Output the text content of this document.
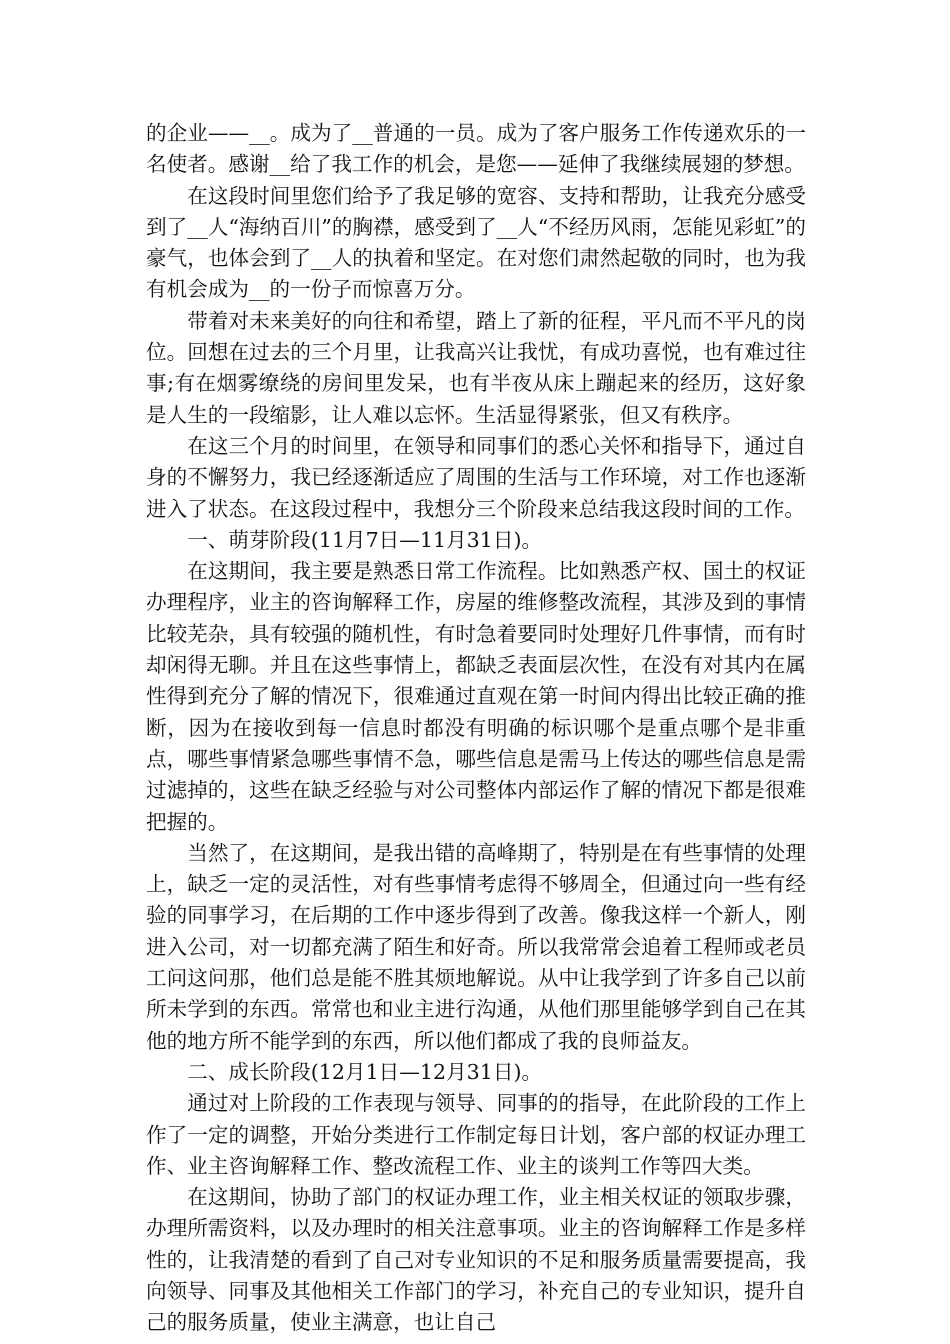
的企业——__。成为了__普通的一员。成为了客户服务工作传递欢乐的一名使者。感谢__给了我工作的机会，是您——延伸了我继续展翅的梦想。

在这段时间里您们给予了我足够的宽容、支持和帮助，让我充分感受到了__人“海纳百川”的胸襟，感受到了__人“不经历风雨，怎能见彩虹”的豪气，也体会到了__人的执着和坚定。在对您们肃然起敬的同时，也为我有机会成为__的一份子而惊喜万分。

带着对未来美好的向往和希望，踏上了新的征程，平凡而不平凡的岗位。回想在过去的三个月里，让我高兴让我忧，有成功喜悦，也有难过往事;有在烟雾缭绕的房间里发呆，也有半夜从床上蹦起来的经历，这好象是人生的一段缩影，让人难以忘怀。生活显得紧张，但又有秩序。

在这三个月的时间里，在领导和同事们的悉心关怀和指导下，通过自身的不懈努力，我已经逐渐适应了周围的生活与工作环境，对工作也逐渐进入了状态。在这段过程中，我想分三个阶段来总结我这段时间的工作。

一、萌芽阶段(11月7日—11月31日)。

在这期间，我主要是熟悉日常工作流程。比如熟悉产权、国土的权证办理程序，业主的咨询解释工作，房屋的维修整改流程，其涉及到的事情比较芜杂，具有较强的随机性，有时急着要同时处理好几件事情，而有时却闲得无聊。并且在这些事情上，都缺乏表面层次性，在没有对其内在属性得到充分了解的情况下，很难通过直观在第一时间内得出比较正确的推断，因为在接收到每一信息时都没有明确的标识哪个是重点哪个是非重点，哪些事情紧急哪些事情不急，哪些信息是需马上传达的哪些信息是需过滤掉的，这些在缺乏经验与对公司整体内部运作了解的情况下都是很难把握的。

当然了，在这期间，是我出错的高峰期了，特别是在有些事情的处理上，缺乏一定的灵活性，对有些事情考虑得不够周全，但通过向一些有经验的同事学习，在后期的工作中逐步得到了改善。像我这样一个新人，刚进入公司，对一切都充满了陌生和好奇。所以我常常会追着工程师或老员工问这问那，他们总是能不胜其烦地解说。从中让我学到了许多自己以前所未学到的东西。常常也和业主进行沟通，从他们那里能够学到自己在其他的地方所不能学到的东西，所以他们都成了我的良师益友。

二、成长阶段(12月1日—12月31日)。

通过对上阶段的工作表现与领导、同事的的指导，在此阶段的工作上作了一定的调整，开始分类进行工作制定每日计划，客户部的权证办理工作、业主咨询解释工作、整改流程工作、业主的谈判工作等四大类。

在这期间，协助了部门的权证办理工作，业主相关权证的领取步骤，办理所需资料，以及办理时的相关注意事项。业主的咨询解释工作是多样性的，让我清楚的看到了自己对专业知识的不足和服务质量需要提高，我向领导、同事及其他相关工作部门的学习，补充自己的专业知识，提升自己的服务质量，使业主满意，也让自己
